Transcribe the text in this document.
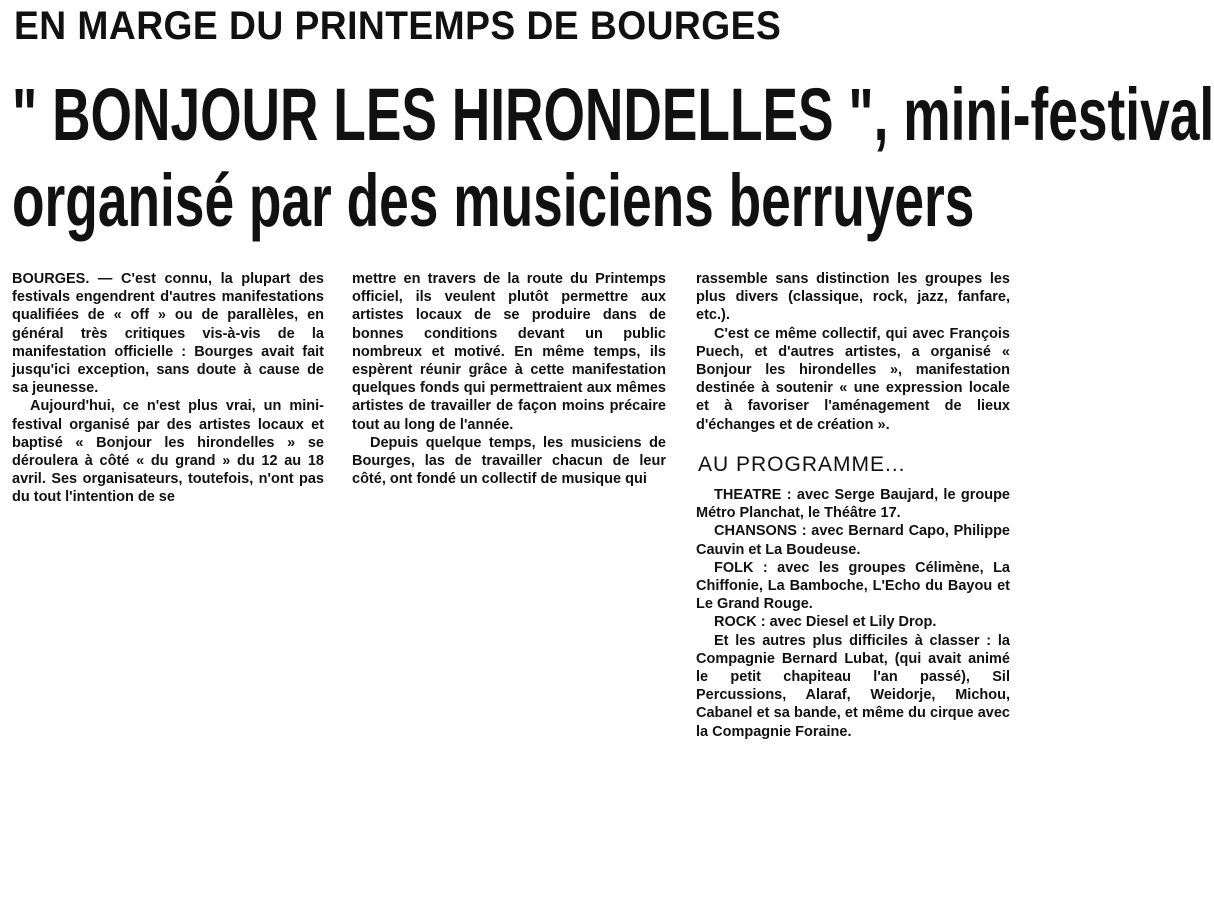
EN MARGE DU PRINTEMPS DE BOURGES
" BONJOUR LES HIRONDELLES ", mini-festival
organisé par des musiciens berruyers

BOURGES. — C'est connu, la plupart des festivals engendrent d'autres manifestations qualifiées de « off » ou de parallèles, en général très critiques vis-à-vis de la manifestation officielle : Bourges avait fait jusqu'ici exception, sans doute à cause de sa jeunesse.

Aujourd'hui, ce n'est plus vrai, un mini-festival organisé par des artistes locaux et baptisé « Bonjour les hirondelles » se déroulera à côté « du grand » du 12 au 18 avril. Ses organisateurs, toutefois, n'ont pas du tout l'intention de se

mettre en travers de la route du Printemps officiel, ils veulent plutôt permettre aux artistes locaux de se produire dans de bonnes conditions devant un public nombreux et motivé. En même temps, ils espèrent réunir grâce à cette manifestation quelques fonds qui permettraient aux mêmes artistes de travailler de façon moins précaire tout au long de l'année.

Depuis quelque temps, les musiciens de Bourges, las de travailler chacun de leur côté, ont fondé un collectif de musique qui

rassemble sans distinction les groupes les plus divers (classique, rock, jazz, fanfare, etc.).

C'est ce même collectif, qui avec François Puech, et d'autres artistes, a organisé « Bonjour les hirondelles », manifestation destinée à soutenir « une expression locale et à favoriser l'aménagement de lieux d'échanges et de création ».

AU PROGRAMME...

THEATRE : avec Serge Baujard, le groupe Métro Planchat, le Théâtre 17.

CHANSONS : avec Bernard Capo, Philippe Cauvin et La Boudeuse.

FOLK : avec les groupes Célimène, La Chiffonie, La Bamboche, L'Echo du Bayou et Le Grand Rouge.

ROCK : avec Diesel et Lily Drop.

Et les autres plus difficiles à classer : la Compagnie Bernard Lubat, (qui avait animé le petit chapiteau l'an passé), Sil Percussions, Alaraf, Weidorje, Michou, Cabanel et sa bande, et même du cirque avec la Compagnie Foraine.
